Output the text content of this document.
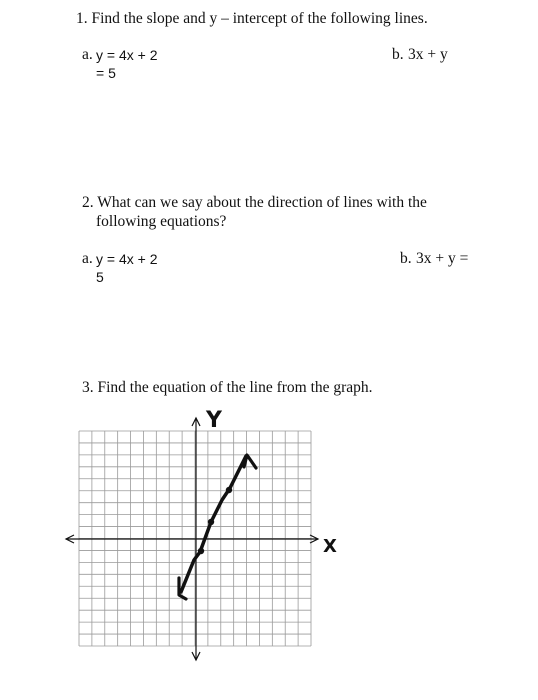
1. Find the slope and y – intercept of the following lines.
a. y = 4x + 2
= 5
b. 3x + y
2. What can we say about the direction of lines with the
following equations?
a. y = 4x + 2
5
b. 3x + y =
3. Find the equation of the line from the graph.
Y
X
